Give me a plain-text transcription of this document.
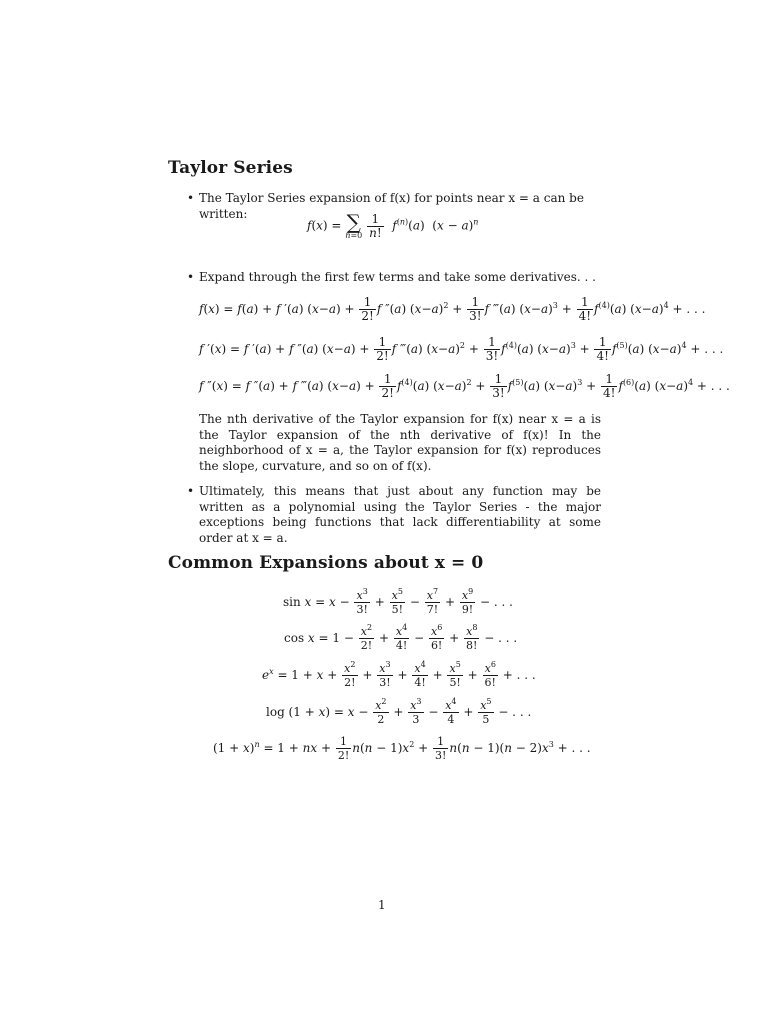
Taylor Series
• The Taylor Series expansion of f(x) for points near x = a can be written:
f(x) = ∑
n=0
$\frac{1}{n!} f^{(n)}(a) (x - a)^n$
• Expand through the first few terms and take some derivatives. . .
f(x) = f(a) + f ′(a) $(x-a) + \frac{1}{2!}$ f ″(a) $(x-a)^2 + \frac{1}{3!}$ f ‴(a) $(x-a)^3 + \frac{1}{4!} f^{(4)}(a) (x-a)^4$ + . . .
f ′(x) = f ′(a) + f ″(a) $(x-a) + \frac{1}{2!}$ f ‴(a) $(x-a)^2 + \frac{1}{3!} f^{(4)}(a) (x-a)^3 + \frac{1}{4!} f^{(5)}(a) (x-a)^4$ + . . .
f ″(x) = f ″(a) + f ‴(a) $(x-a) + \frac{1}{2!} f^{(4)}(a) (x-a)^2 + \frac{1}{3!} f^{(5)}(a) (x-a)^3 + \frac{1}{4!} f^{(6)}(a) (x-a)^4$ + . . .
The nth derivative of the Taylor expansion for f(x) near x = a is the Taylor expansion of the nth derivative of f(x)! In the neighborhood of x = a, the Taylor expansion for f(x) reproduces the slope, curvature, and so on of f(x).
• Ultimately, this means that just about any function may be written as a polynomial using the Taylor Series - the major exceptions being functions that lack differentiability at some order at x = a.
Common Expansions about x = 0
$\sin x = x - \frac{x^3}{3!} + \frac{x^5}{5!} - \frac{x^7}{7!} + \frac{x^9}{9!}$ − . . .
$\cos x = 1 - \frac{x^2}{2!} + \frac{x^4}{4!} - \frac{x^6}{6!} + \frac{x^8}{8!}$ − . . .
$e^x = 1 + x + \frac{x^2}{2!} + \frac{x^3}{3!} + \frac{x^4}{4!} + \frac{x^5}{5!} + \frac{x^6}{6!}$ + . . .
$\log (1 + x) = x - \frac{x^2}{2} + \frac{x^3}{3} - \frac{x^4}{4} + \frac{x^5}{5}$ − . . .
$(1 + x)^n = 1$ + nx + $\frac{1}{2!} n(n - 1)x^2 + \frac{1}{3!} n(n - 1)(n - 2)x^3$ + . . .
1
